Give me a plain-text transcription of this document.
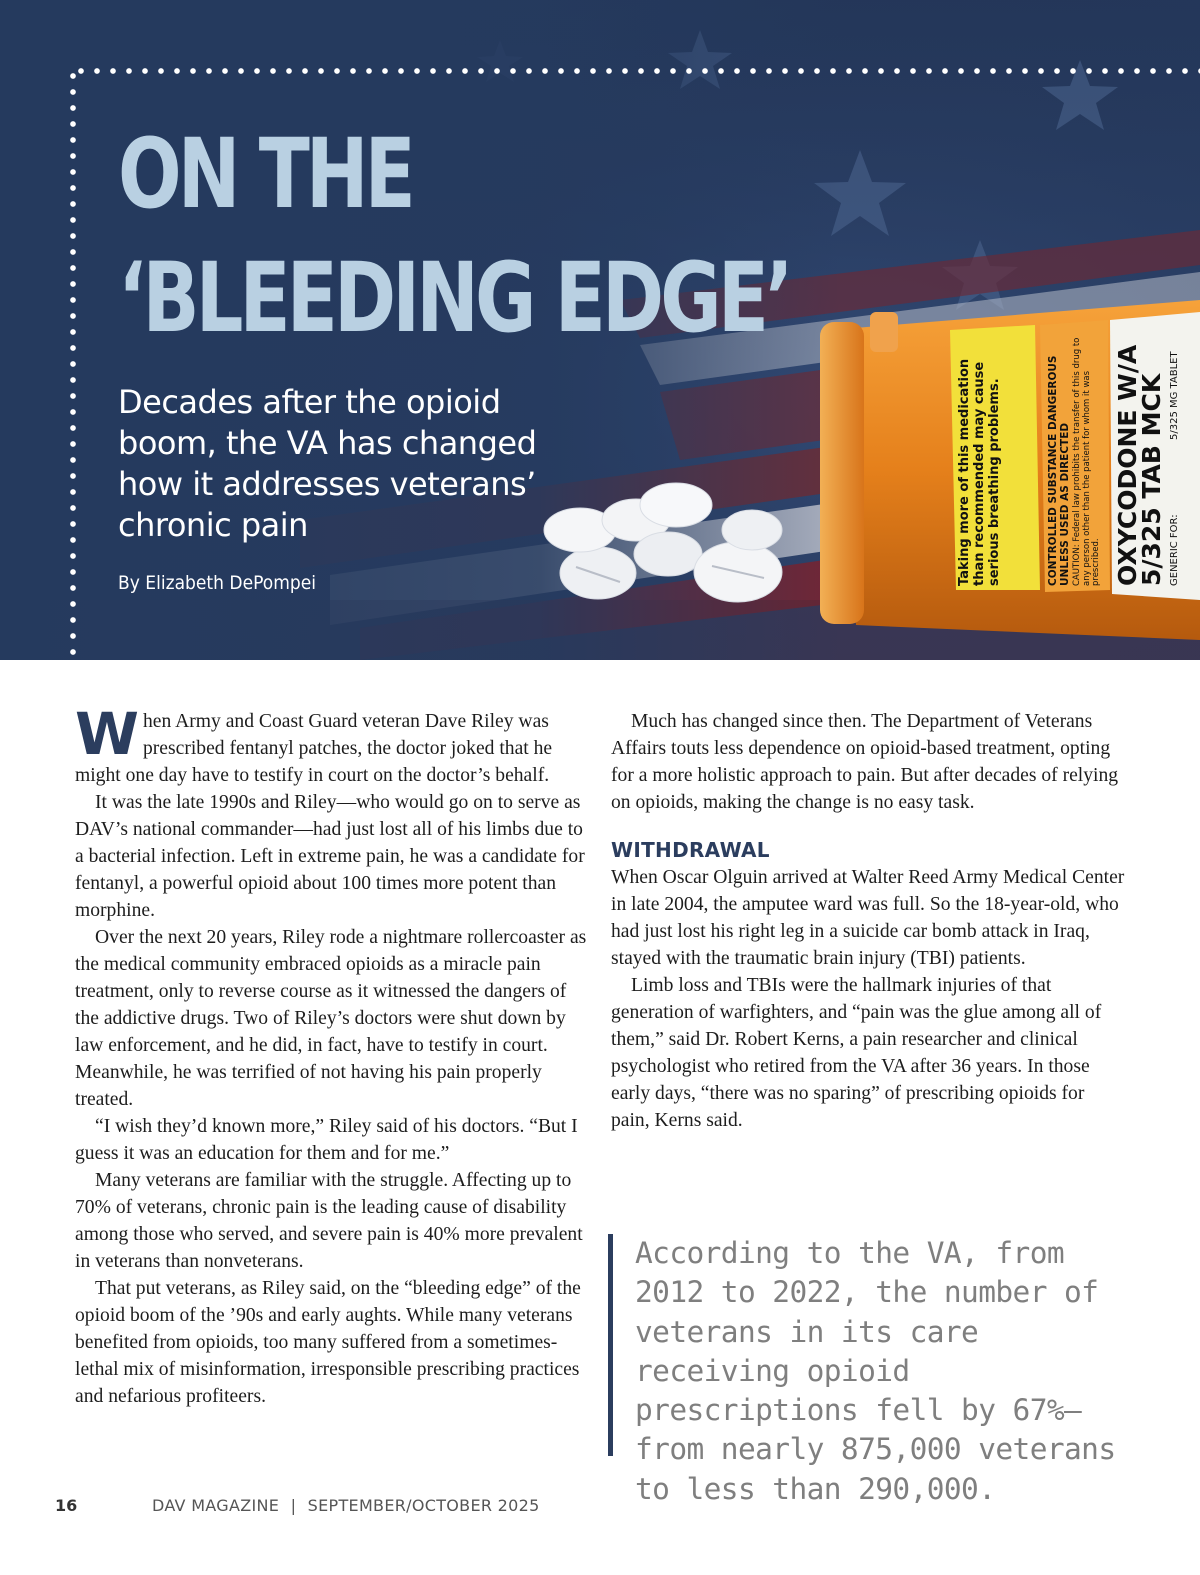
Taking more of this medication than recommended may cause serious breathing problems.	CONTROLLED SUBSTANCE DANGEROUS UNLESS USED AS DIRECTED CAUTION: Federal law prohibits the transfer of this drug to any person other than the patient for whom it was prescribed. OXYCODONE W/A
5/325 TAB MCK GENERIC FOR:
5/325 MG TABLET
ON THE
‘BLEEDING EDGE’

Decades after the opioid boom, the VA has changed how it addresses veterans’ chronic pain

By Elizabeth DePompei

When Army and Coast Guard veteran Dave Riley was prescribed fentanyl patches, the doctor joked that he might one day have to testify in court on the doctor’s behalf.

It was the late 1990s and Riley—who would go on to serve as DAV’s national commander—had just lost all of his limbs due to a bacterial infection. Left in extreme pain, he was a candidate for fentanyl, a powerful opioid about 100 times more potent than morphine.

Over the next 20 years, Riley rode a nightmare rollercoaster as the medical community embraced opioids as a miracle pain treatment, only to reverse course as it witnessed the dangers of the addictive drugs. Two of Riley’s doctors were shut down by law enforcement, and he did, in fact, have to testify in court. Meanwhile, he was terrified of not having his pain properly treated.

“I wish they’d known more,” Riley said of his doctors. “But I guess it was an education for them and for me.”

Many veterans are familiar with the struggle. Affecting up to 70% of veterans, chronic pain is the leading cause of disability among those who served, and severe pain is 40% more prevalent in veterans than nonveterans.

That put veterans, as Riley said, on the “bleeding edge” of the opioid boom of the ’90s and early aughts. While many veterans benefited from opioids, too many suffered from a sometimes-lethal mix of misinformation, irresponsible prescribing practices and nefarious profiteers.

Much has changed since then. The Department of Veterans Affairs touts less dependence on opioid-based treatment, opting for a more holistic approach to pain. But after decades of relying on opioids, making the change is no easy task.

WITHDRAWAL

When Oscar Olguin arrived at Walter Reed Army Medical Center in late 2004, the amputee ward was full. So the 18-year-old, who had just lost his right leg in a suicide car bomb attack in Iraq, stayed with the traumatic brain injury (TBI) patients.

Limb loss and TBIs were the hallmark injuries of that generation of warfighters, and “pain was the glue among all of them,” said Dr. Robert Kerns, a pain researcher and clinical psychologist who retired from the VA after 36 years. In those early days, “there was no sparing” of prescribing opioids for pain, Kerns said.

According to the VA, from 2012 to 2022, the number of veterans in its care receiving opioid prescriptions fell by 67%—from nearly 875,000 veterans to less than 290,000.

16	DAV MAGAZINE | SEPTEMBER/OCTOBER 2025
